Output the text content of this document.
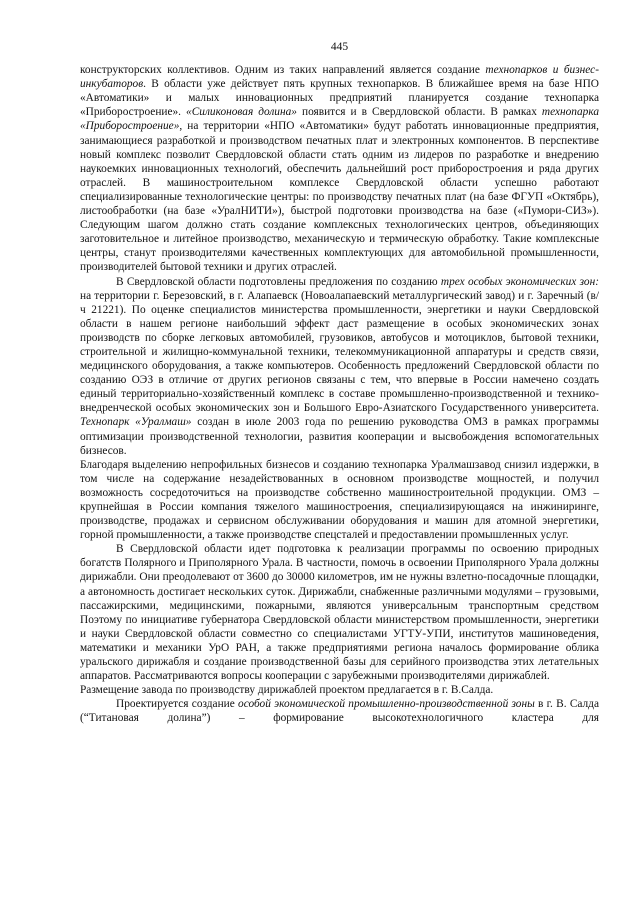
445

конструкторских коллективов. Одним из таких направлений является создание технопарков и бизнес-инкубаторов. В области уже действует пять крупных технопарков. В ближайшее время на базе НПО «Автоматики» и малых инновационных предприятий планируется создание технопарка «Приборостроение». «Силиконовая долина» появится и в Свердловской области. В рамках технопарка «Приборостроение», на территории «НПО «Автоматики» будут работать инновационные предприятия, занимающиеся разработкой и производством печатных плат и электронных компонентов. В перспективе новый комплекс позволит Свердловской области стать одним из лидеров по разработке и внедрению наукоемких инновационных технологий, обеспечить дальнейший рост приборостроения и ряда других отраслей. В машиностроительном комплексе Свердловской области успешно работают специализированные технологические центры: по производству печатных плат (на базе ФГУП «Октябрь), листообработки (на базе «УралНИТИ»), быстрой подготовки производства на базе («Пумори-СИЗ»). Следующим шагом должно стать создание комплексных технологических центров, объединяющих заготовительное и литейное производство, механическую и термическую обработку. Такие комплексные центры, станут производителями качественных комплектующих для автомобильной промышленности, производителей бытовой техники и других отраслей.

В Свердловской области подготовлены предложения по созданию трех особых экономических зон: на территории г. Березовский, в г. Алапаевск (Новоалапаевский металлургический завод) и г. Заречный (в/ч 21221). По оценке специалистов министерства промышленности, энергетики и науки Свердловской области в нашем регионе наибольший эффект даст размещение в особых экономических зонах производств по сборке легковых автомобилей, грузовиков, автобусов и мотоциклов, бытовой техники, строительной и жилищно-коммунальной техники, телекоммуникационной аппаратуры и средств связи, медицинского оборудования, а также компьютеров. Особенность предложений Свердловской области по созданию ОЭЗ в отличие от других регионов связаны с тем, что впервые в России намечено создать единый территориально-хозяйственный комплекс в составе промышленно-производственной и технико-внедренческой особых экономических зон и Большого Евро-Азиатского Государственного университета. Технопарк «Уралмаш» создан в июле 2003 года по решению руководства ОМЗ в рамках программы оптимизации производственной технологии, развития кооперации и высвобождения вспомогательных бизнесов.

Благодаря выделению непрофильных бизнесов и созданию технопарка Уралмашзавод снизил издержки, в том числе на содержание незадействованных в основном производстве мощностей, и получил возможность сосредоточиться на производстве собственно машиностроительной продукции. ОМЗ – крупнейшая в России компания тяжелого машиностроения, специализирующаяся на инжиниринге, производстве, продажах и сервисном обслуживании оборудования и машин для атомной энергетики, горной промышленности, а также производстве спецсталей и предоставлении промышленных услуг.

В Свердловской области идет подготовка к реализации программы по освоению природных богатств Полярного и Приполярного Урала. В частности, помочь в освоении Приполярного Урала должны дирижабли. Они преодолевают от 3600 до 30000 километров, им не нужны взлетно-посадочные площадки, а автономность достигает нескольких суток. Дирижабли, снабженные различными модулями – грузовыми, пассажирскими, медицинскими, пожарными, являются универсальным транспортным средством

Поэтому по инициативе губернатора Свердловской области министерством промышленности, энергетики и науки Свердловской области совместно со специалистами УГТУ-УПИ, институтов машиноведения, математики и механики УрО РАН, а также предприятиями региона началось формирование облика уральского дирижабля и создание производственной базы для серийного производства этих летательных аппаратов. Рассматриваются вопросы кооперации с зарубежными производителями дирижаблей.

Размещение завода по производству дирижаблей проектом предлагается в г. В.Салда.

Проектируется создание особой экономической промышленно-производственной зоны в г. В. Салда (“Титановая долина”) – формирование высокотехнологичного кластера для
